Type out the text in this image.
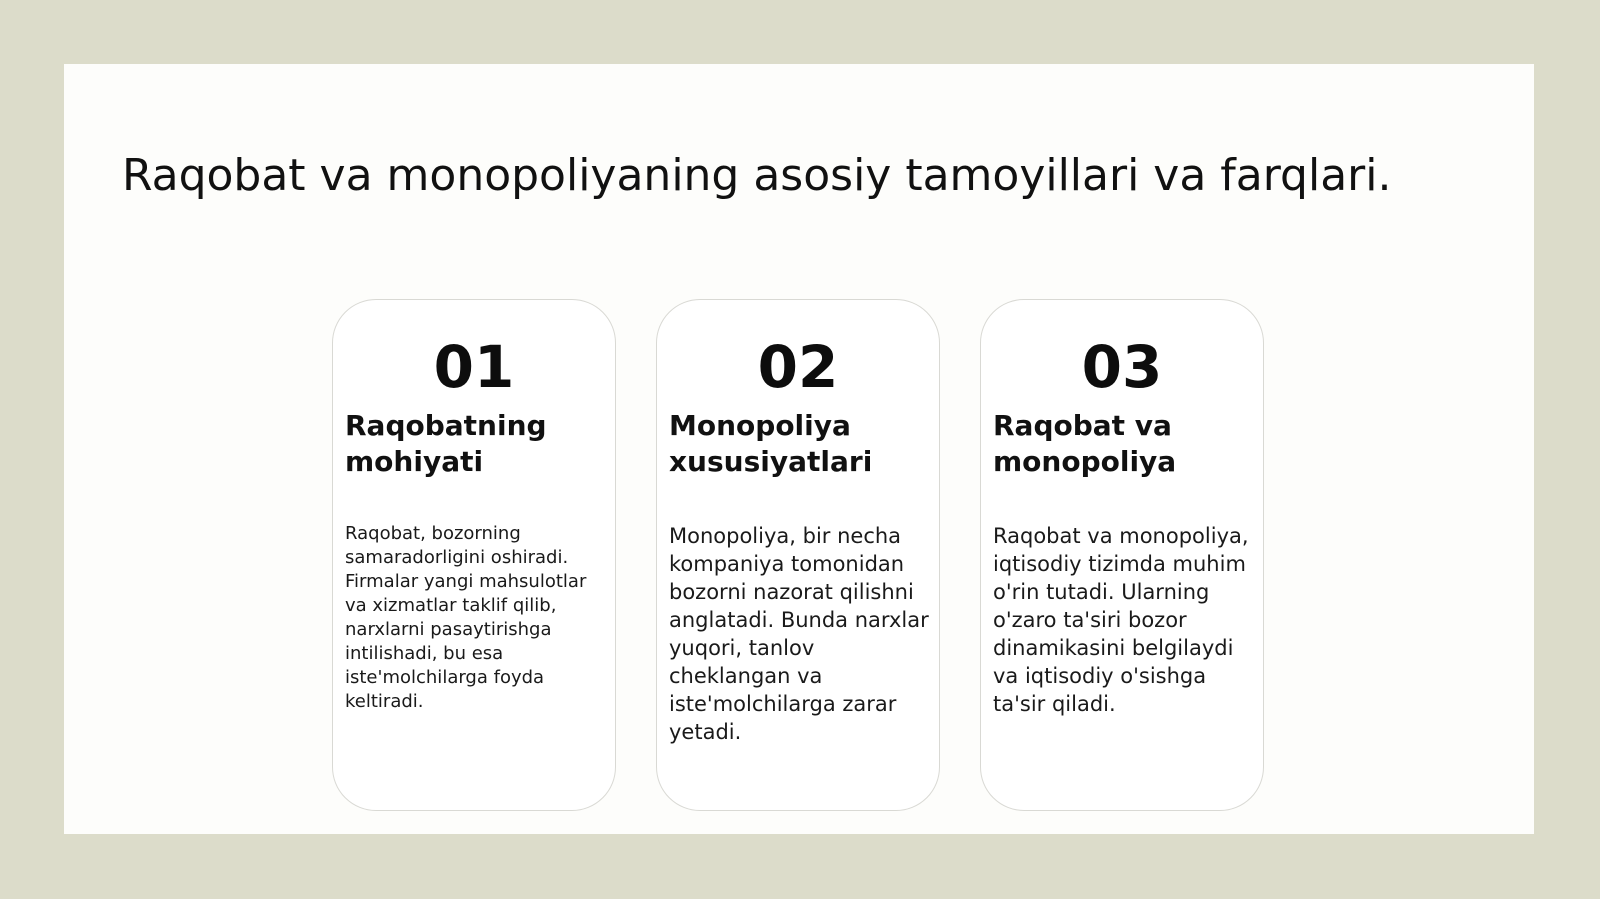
Raqobat va monopoliyaning asosiy tamoyillari va farqlari.
01
Raqobatning mohiyati
Raqobat, bozorning samaradorligini oshiradi. Firmalar yangi mahsulotlar va xizmatlar taklif qilib, narxlarni pasaytirishga intilishadi, bu esa iste'molchilarga foyda keltiradi.
02
Monopoliya xususiyatlari
Monopoliya, bir necha kompaniya tomonidan bozorni nazorat qilishni anglatadi. Bunda narxlar yuqori, tanlov cheklangan va iste'molchilarga zarar yetadi.
03
Raqobat va monopoliya
Raqobat va monopoliya, iqtisodiy tizimda muhim o'rin tutadi. Ularning o'zaro ta'siri bozor dinamikasini belgilaydi va iqtisodiy o'sishga ta'sir qiladi.
